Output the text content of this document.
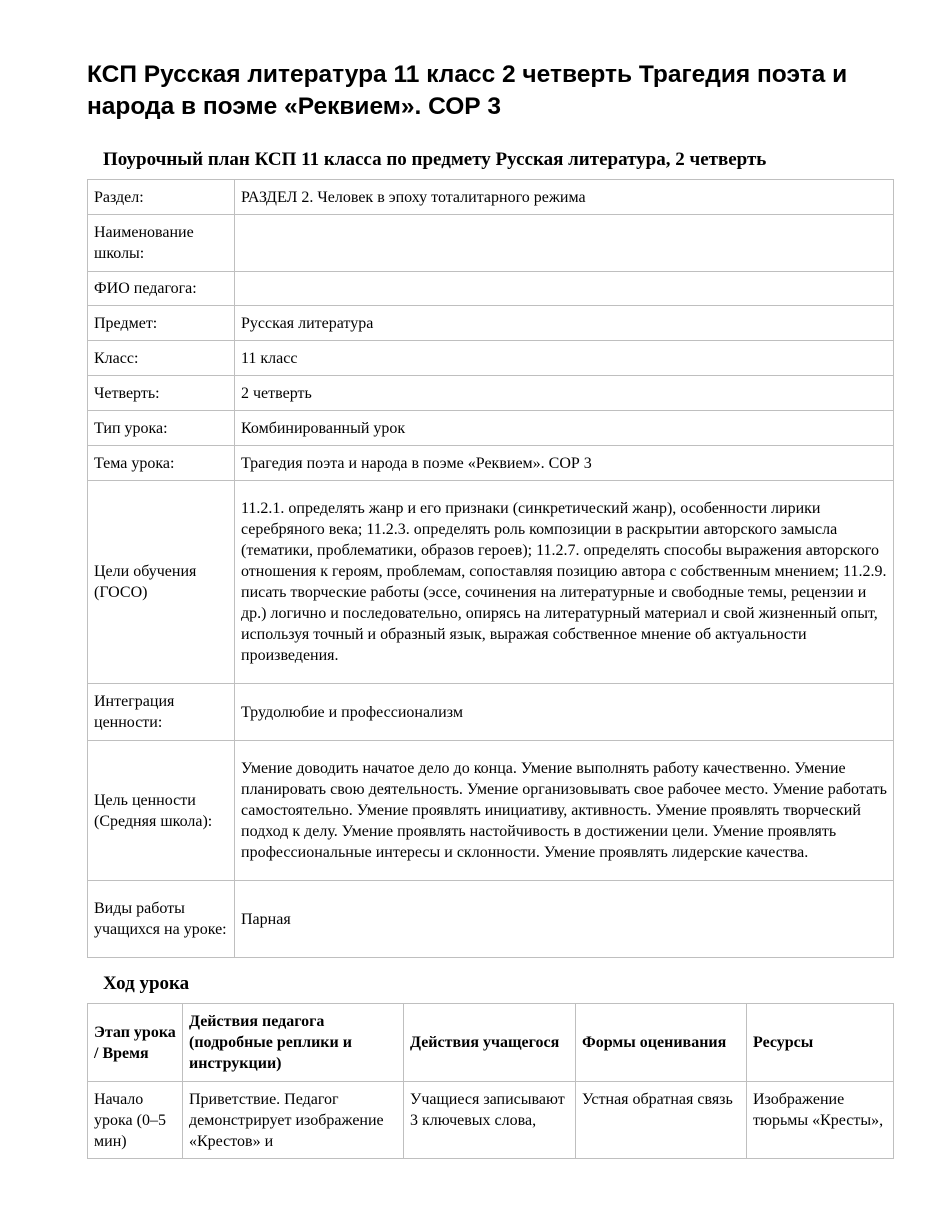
КСП Русская литература 11 класс 2 четверть Трагедия поэта и народа в поэме «Реквием». СОР 3

Поурочный план КСП 11 класса по предмету Русская литература, 2 четверть

Раздел:	РАЗДЕЛ 2. Человек в эпоху тоталитарного режима
Наименование школы:	
ФИО педагога:	
Предмет:	Русская литература
Класс:	11 класс
Четверть:	2 четверть
Тип урока:	Комбинированный урок
Тема урока:	Трагедия поэта и народа в поэме «Реквием». СОР 3
Цели обучения (ГОСО)	11.2.1. определять жанр и его признаки (синкретический жанр), особенности лирики серебряного века; 11.2.3. определять роль композиции в раскрытии авторского замысла (тематики, проблематики, образов героев); 11.2.7. определять способы выражения авторского отношения к героям, проблемам, сопоставляя позицию автора с собственным мнением; 11.2.9. писать творческие работы (эссе, сочинения на литературные и свободные темы, рецензии и др.) логично и последовательно, опирясь на литературный материал и свой жизненный опыт, используя точный и образный язык, выражая собственное мнение об актуальности произведения.
Интеграция ценности:	Трудолюбие и профессионализм
Цель ценности (Средняя школа):	Умение доводить начатое дело до конца. Умение выполнять работу качественно. Умение планировать свою деятельность. Умение организовывать свое рабочее место. Умение работать самостоятельно. Умение проявлять инициативу, активность. Умение проявлять творческий подход к делу. Умение проявлять настойчивость в достижении цели. Умение проявлять профессиональные интересы и склонности. Умение проявлять лидерские качества.
Виды работы учащихся на уроке:	Парная

Ход урока

Этап урока / Время	Действия педагога (подробные реплики и инструкции)	Действия учащегося	Формы оценивания	Ресурсы
Начало урока (0–5 мин)	Приветствие. Педагог демонстрирует изображение «Крестов» и	Учащиеся записывают 3 ключевых слова,	Устная обратная связь	Изображение тюрьмы «Кресты»,
